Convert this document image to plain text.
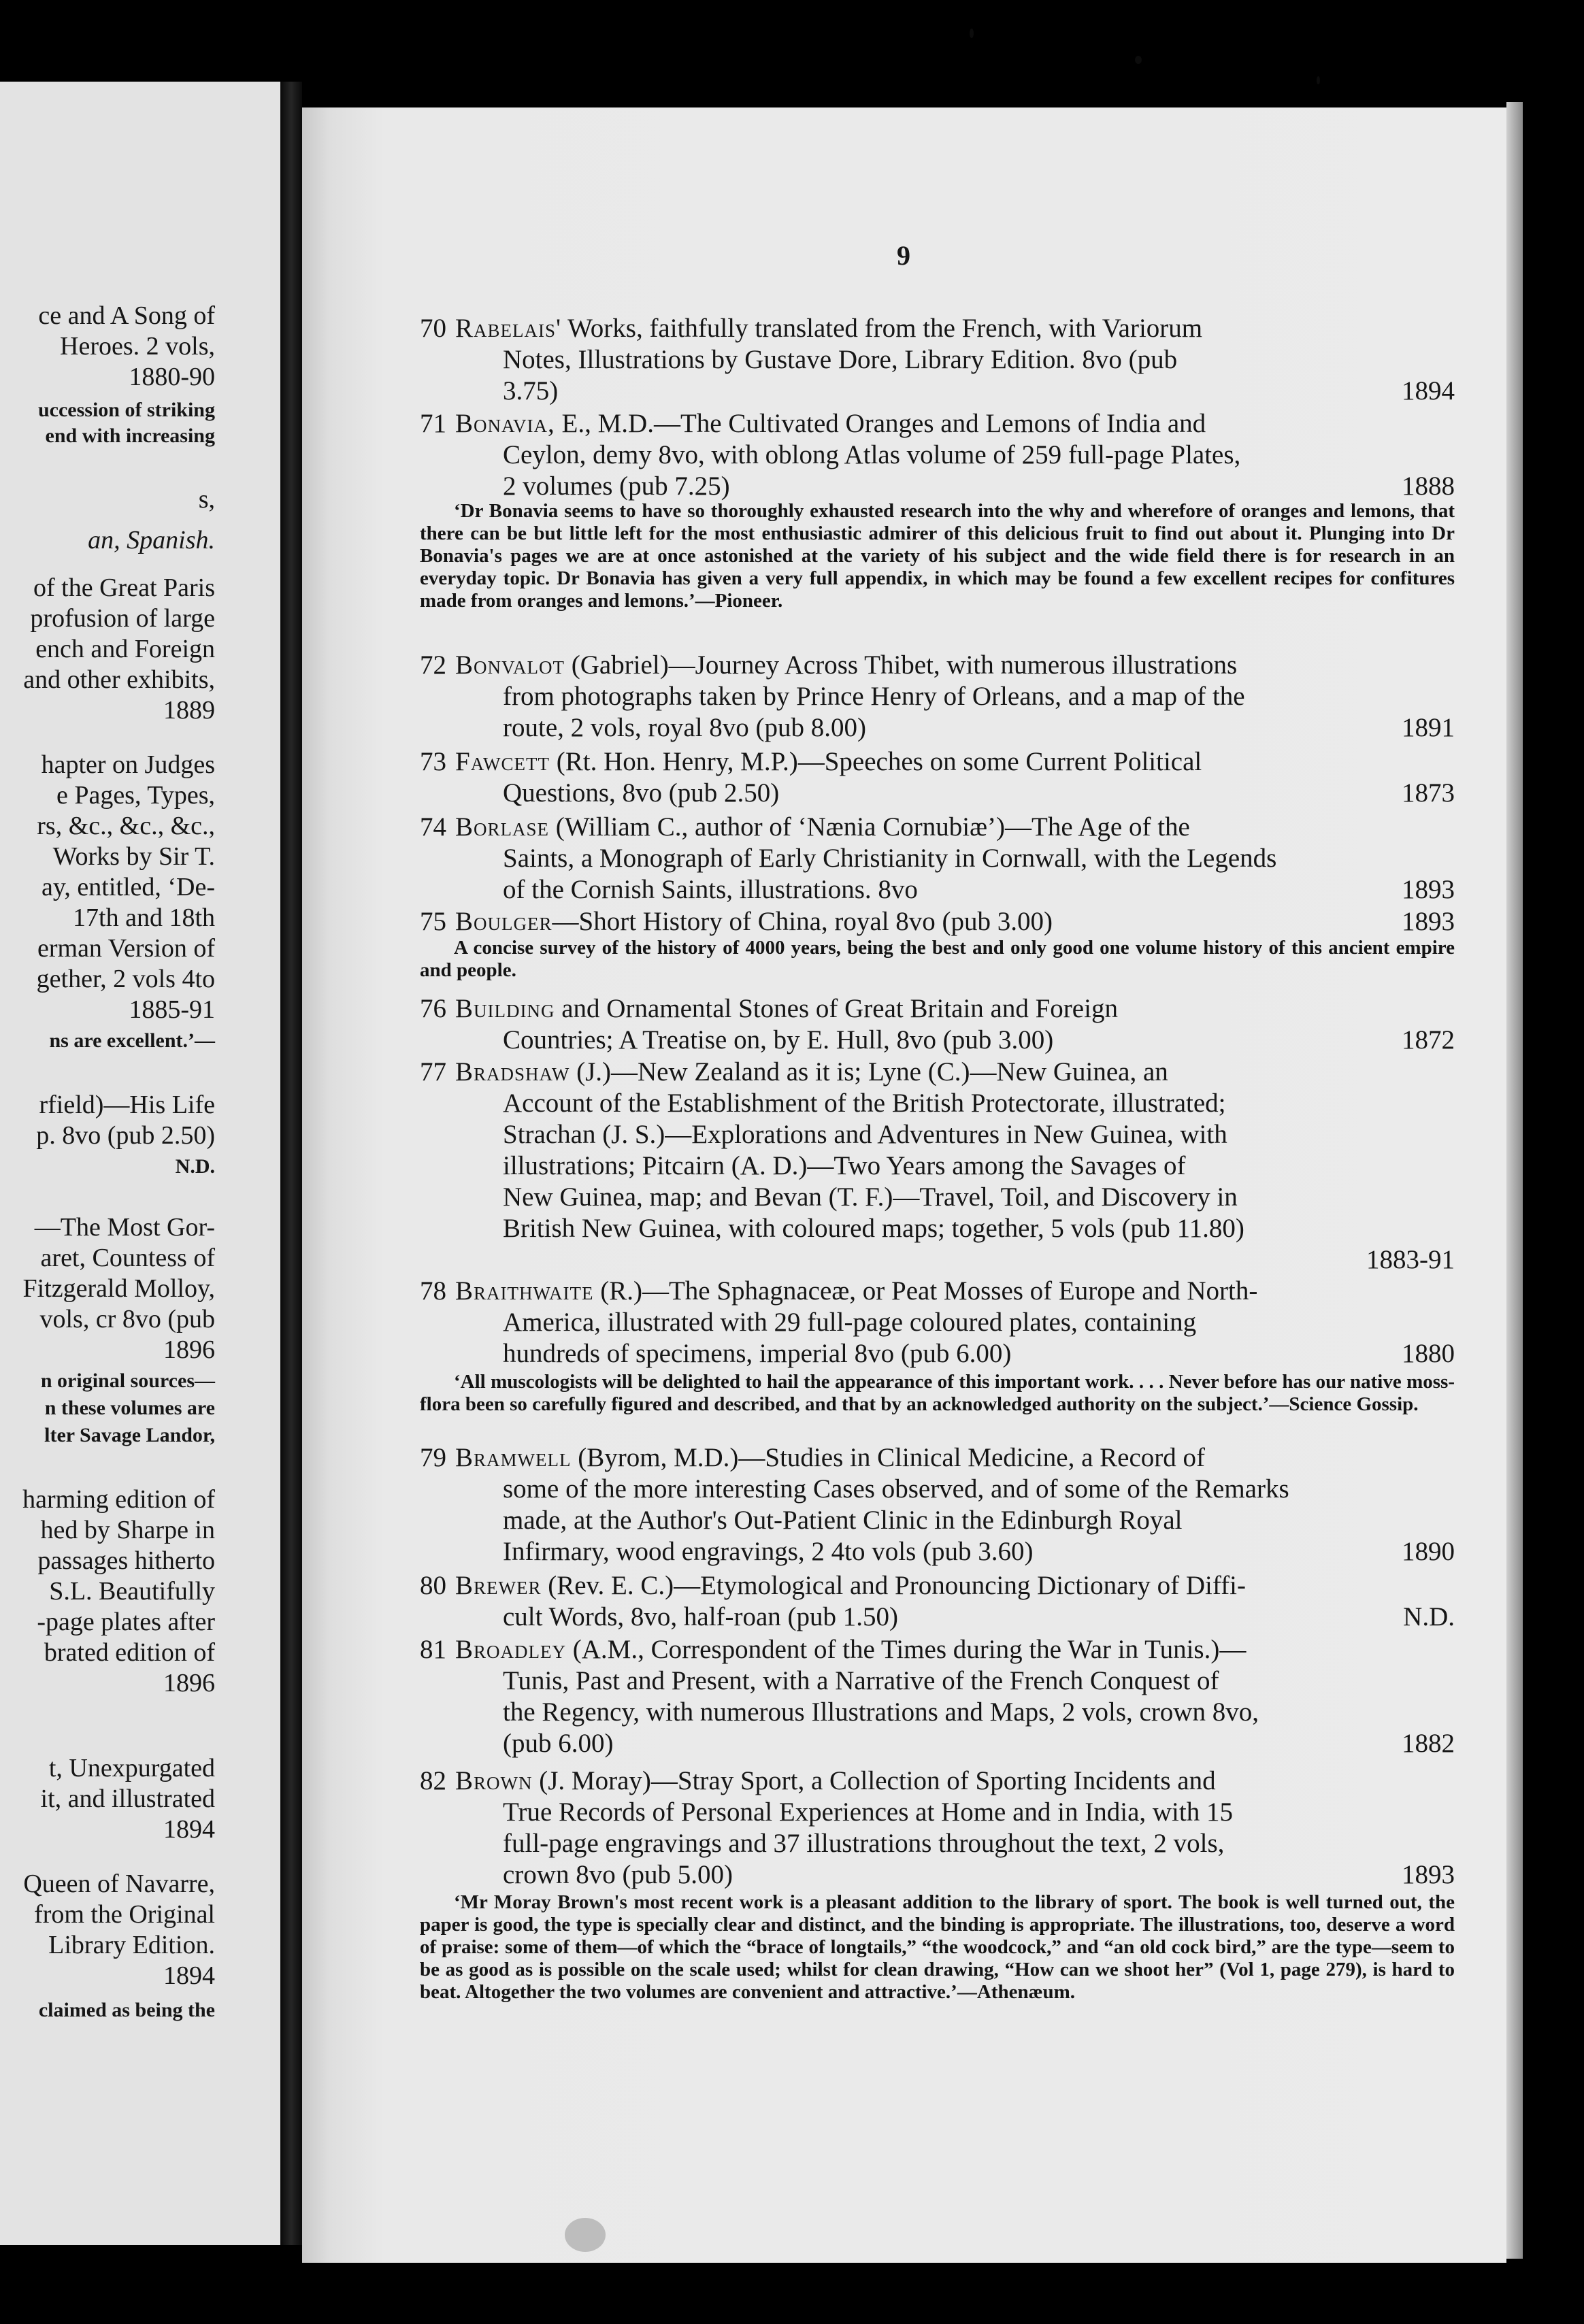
ce and A Song of
Heroes. 2 vols,
1880-90
uccession of striking
end with increasing
s,
an, Spanish.
of the Great Paris
profusion of large
ench and Foreign
and other exhibits,
1889
hapter on Judges
e Pages, Types,
rs, &c., &c., &c.,
Works by Sir T.
ay, entitled, ‘De-
17th and 18th
erman Version of
gether, 2 vols 4to
1885-91
ns are excellent.’—
rfield)—His Life
p. 8vo (pub 2.50)
N.D.
—The Most Gor-
aret, Countess of
Fitzgerald Molloy,
vols, cr 8vo (pub
1896
n original sources—
n these volumes are
lter Savage Landor,
harming edition of
hed by Sharpe in
passages hitherto
S.L. Beautifully
-page plates after
brated edition of
1896
t, Unexpurgated
it, and illustrated
1894
Queen of Navarre,
from the Original
Library Edition.
1894
claimed as being the
9
70 Rabelais' Works, faithfully translated from the French, with Variorum
Notes, Illustrations by Gustave Dore, Library Edition. 8vo (pub
3.75)	1894
71 Bonavia, E., M.D.—The Cultivated Oranges and Lemons of India and
Ceylon, demy 8vo, with oblong Atlas volume of 259 full-page Plates,
2 volumes (pub 7.25)	1888
72 Bonvalot (Gabriel)—Journey Across Thibet, with numerous illustrations
from photographs taken by Prince Henry of Orleans, and a map of the
route, 2 vols, royal 8vo (pub 8.00)	1891
73 Fawcett (Rt. Hon. Henry, M.P.)—Speeches on some Current Political
Questions, 8vo (pub 2.50)	1873
74 Borlase (William C., author of ‘Nænia Cornubiæ’)—The Age of the
Saints, a Monograph of Early Christianity in Cornwall, with the Legends
of the Cornish Saints, illustrations. 8vo	1893
75 Boulger—Short History of China, royal 8vo (pub 3.00)	1893
76 Building and Ornamental Stones of Great Britain and Foreign
Countries; A Treatise on, by E. Hull, 8vo (pub 3.00)	1872
77 Bradshaw (J.)—New Zealand as it is; Lyne (C.)—New Guinea, an
Account of the Establishment of the British Protectorate, illustrated;
Strachan (J. S.)—Explorations and Adventures in New Guinea, with
illustrations; Pitcairn (A. D.)—Two Years among the Savages of
New Guinea, map; and Bevan (T. F.)—Travel, Toil, and Discovery in
British New Guinea, with coloured maps; together, 5 vols (pub 11.80)
1883-91
78 Braithwaite (R.)—The Sphagnaceæ, or Peat Mosses of Europe and North-
America, illustrated with 29 full-page coloured plates, containing
hundreds of specimens, imperial 8vo (pub 6.00)	1880
79 Bramwell (Byrom, M.D.)—Studies in Clinical Medicine, a Record of
some of the more interesting Cases observed, and of some of the Remarks
made, at the Author's Out-Patient Clinic in the Edinburgh Royal
Infirmary, wood engravings, 2 4to vols (pub 3.60)	1890
80 Brewer (Rev. E. C.)—Etymological and Pronouncing Dictionary of Diffi-
cult Words, 8vo, half-roan (pub 1.50)	N.D.
81 Broadley (A.M., Correspondent of the Times during the War in Tunis.)—
Tunis, Past and Present, with a Narrative of the French Conquest of
the Regency, with numerous Illustrations and Maps, 2 vols, crown 8vo,
(pub 6.00)	1882
82 Brown (J. Moray)—Stray Sport, a Collection of Sporting Incidents and
True Records of Personal Experiences at Home and in India, with 15
full-page engravings and 37 illustrations throughout the text, 2 vols,
crown 8vo (pub 5.00)	1893
‘Dr Bonavia seems to have so thoroughly exhausted research into the why and wherefore of oranges and lemons, that there can be but little left for the most enthusiastic admirer of this delicious fruit to find out about it. Plunging into Dr Bonavia's pages we are at once astonished at the variety of his subject and the wide field there is for research in an everyday topic. Dr Bonavia has given a very full appendix, in which may be found a few excellent recipes for confitures made from oranges and lemons.’—Pioneer.
A concise survey of the history of 4000 years, being the best and only good one volume history of this ancient empire and people.
‘All muscologists will be delighted to hail the appearance of this important work. . . . Never before has our native moss-flora been so carefully figured and described, and that by an acknowledged authority on the subject.’—Science Gossip.
‘Mr Moray Brown's most recent work is a pleasant addition to the library of sport. The book is well turned out, the paper is good, the type is specially clear and distinct, and the binding is appropriate. The illustrations, too, deserve a word of praise: some of them—of which the “brace of longtails,” “the woodcock,” and “an old cock bird,” are the type—seem to be as good as is possible on the scale used; whilst for clean drawing, “How can we shoot her” (Vol 1, page 279), is hard to beat. Altogether the two volumes are convenient and attractive.’—Athenæum.
